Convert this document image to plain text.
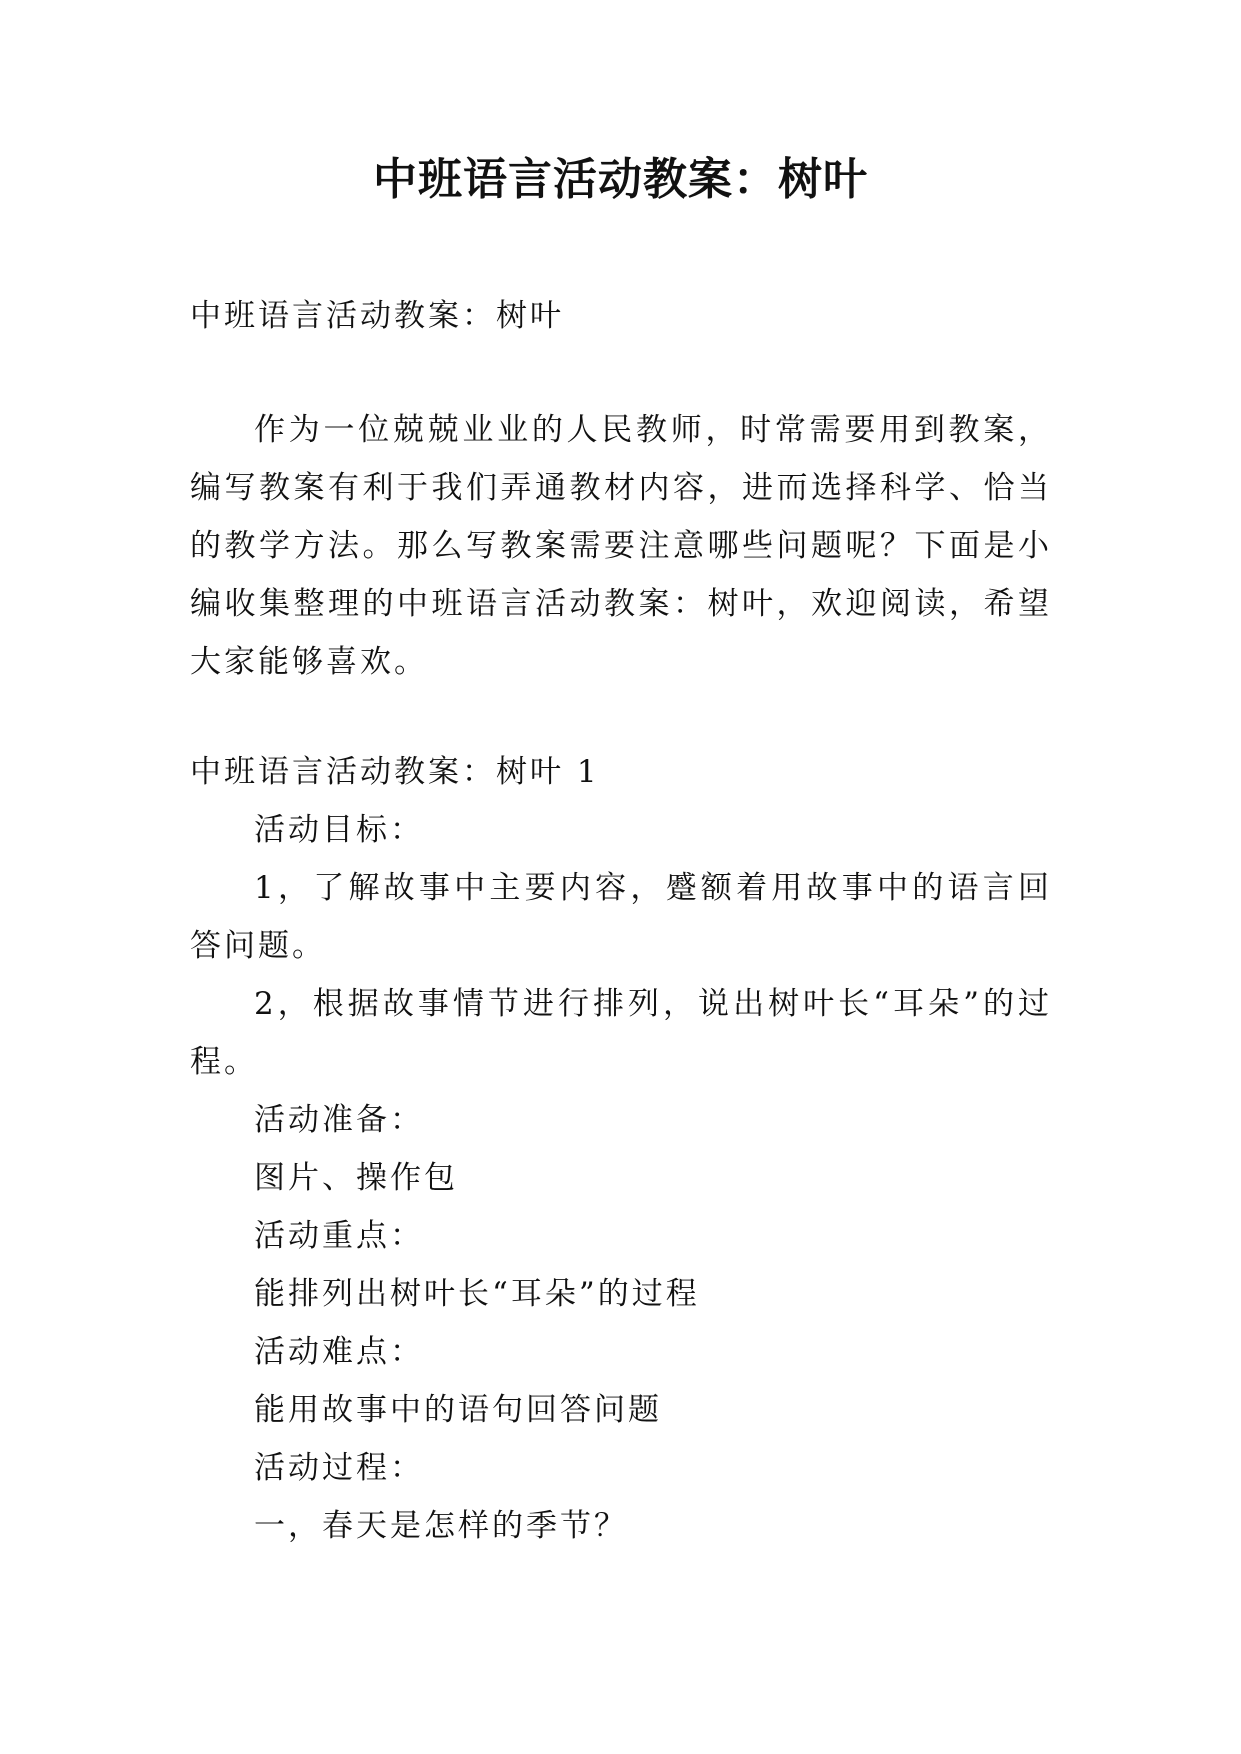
中班语言活动教案：树叶

中班语言活动教案：树叶

作为一位兢兢业业的人民教师，时常需要用到教案，编写教案有利于我们弄通教材内容，进而选择科学、恰当的教学方法。那么写教案需要注意哪些问题呢？下面是小编收集整理的中班语言活动教案：树叶，欢迎阅读，希望大家能够喜欢。

中班语言活动教案：树叶 1

活动目标：

1，了解故事中主要内容，蹙额着用故事中的语言回答问题。

2，根据故事情节进行排列，说出树叶长“耳朵”的过程。

活动准备：

图片、操作包

活动重点：

能排列出树叶长“耳朵”的过程

活动难点：

能用故事中的语句回答问题

活动过程：

一，春天是怎样的季节？
